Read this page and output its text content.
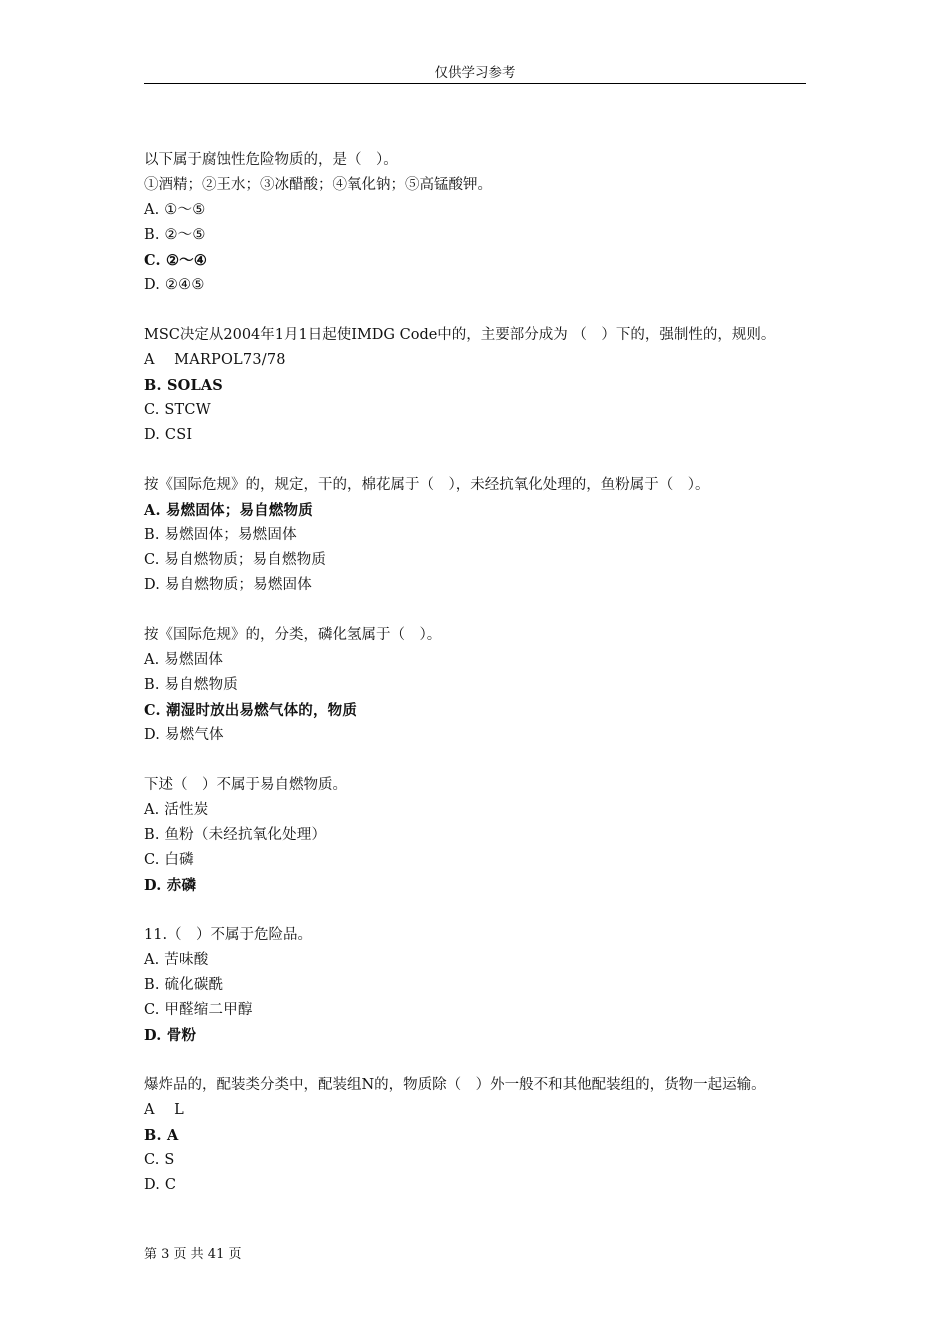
仅供学习参考
以下属于腐蚀性危险物质的，是（　）。
①酒精；②王水；③冰醋酸；④氧化钠；⑤高锰酸钾。
A. ①～⑤
B. ②～⑤
C. ②～④
D. ②④⑤
MSC决定从2004年1月1日起使IMDG Code中的，主要部分成为 （　）下的，强制性的，规则。
A　 MARPOL73/78
B. SOLAS
C. STCW
D. CSI
按《国际危规》的，规定，干的，棉花属于（　），未经抗氧化处理的，鱼粉属于（　）。
A. 易燃固体；易自燃物质
B. 易燃固体；易燃固体
C. 易自燃物质；易自燃物质
D. 易自燃物质；易燃固体
按《国际危规》的，分类，磷化氢属于（　）。
A. 易燃固体
B. 易自燃物质
C. 潮湿时放出易燃气体的，物质
D. 易燃气体
下述（　）不属于易自燃物质。
A. 活性炭
B. 鱼粉（未经抗氧化处理）
C. 白磷
D. 赤磷
11.（　）不属于危险品。
A. 苦味酸
B. 硫化碳酰
C. 甲醛缩二甲醇
D. 骨粉
爆炸品的，配装类分类中，配装组N的，物质除（　）外一般不和其他配装组的，货物一起运输。
A　 L
B. A
C. S
D. C
第 3 页 共 41 页
